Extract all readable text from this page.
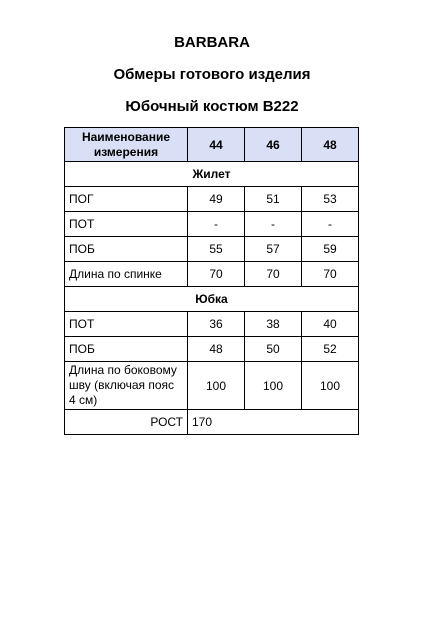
BARBARA
Обмеры готового изделия
Юбочный костюм В222
Наименование измерения	44	46	48
Жилет			
ПОГ	49	51	53
ПОТ	-	-	-
ПОБ	55	57	59
Длина по спинке	70	70	70
Юбка			
ПОТ	36	38	40
ПОБ	48	50	52
Длина по боковому шву (включая пояс 4 см)	100	100	100
РОСТ	170		
